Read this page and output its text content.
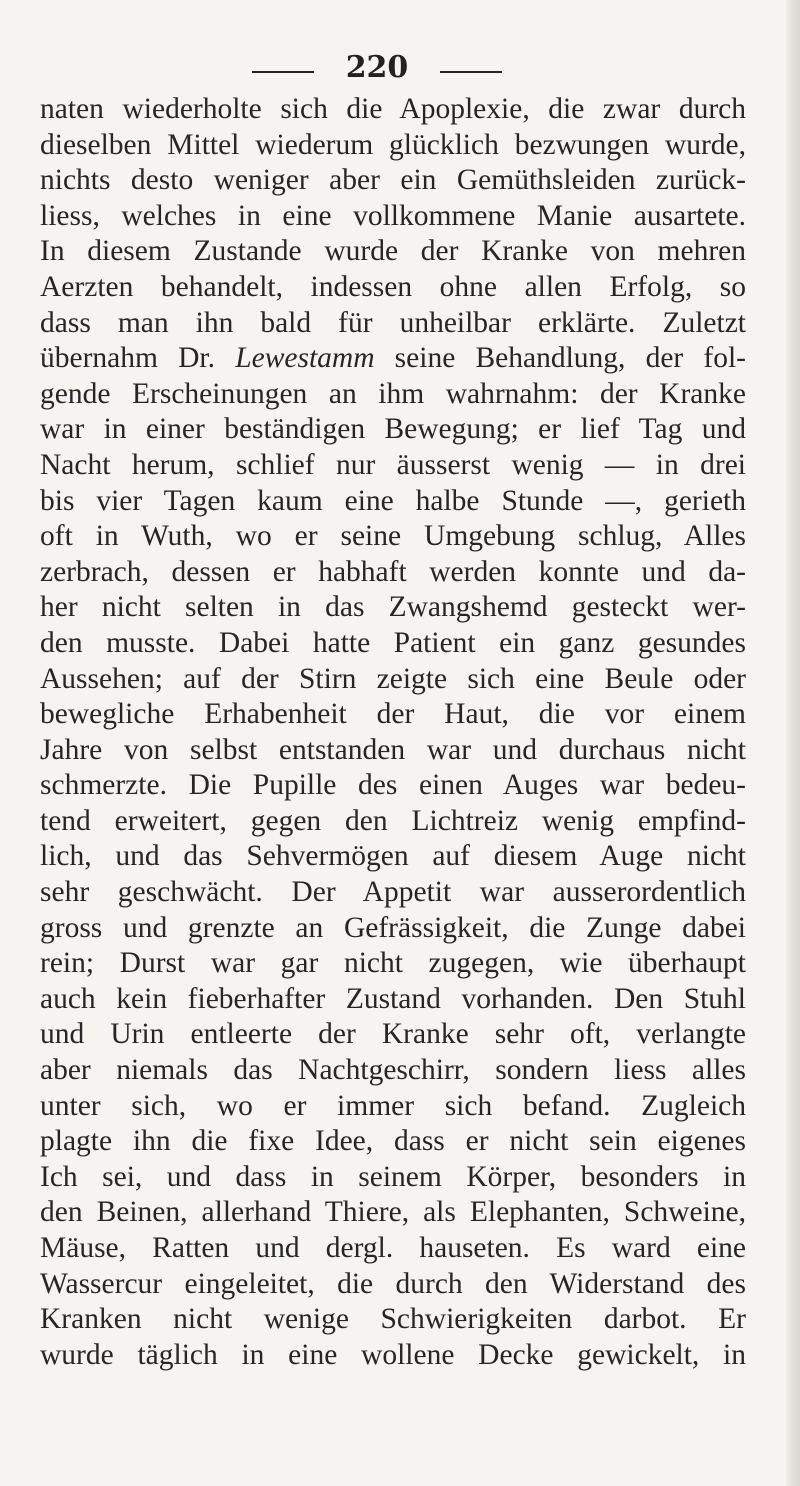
220
naten wiederholte sich die Apoplexie, die zwar durch
dieselben Mittel wiederum glücklich bezwungen wurde,
nichts desto weniger aber ein Gemüthsleiden zurück-
liess, welches in eine vollkommene Manie ausartete.
In diesem Zustande wurde der Kranke von mehren
Aerzten behandelt, indessen ohne allen Erfolg, so
dass man ihn bald für unheilbar erklärte. Zuletzt
übernahm Dr. Lewestamm seine Behandlung, der fol-
gende Erscheinungen an ihm wahrnahm: der Kranke
war in einer beständigen Bewegung; er lief Tag und
Nacht herum, schlief nur äusserst wenig — in drei
bis vier Tagen kaum eine halbe Stunde —, gerieth
oft in Wuth, wo er seine Umgebung schlug, Alles
zerbrach, dessen er habhaft werden konnte und da-
her nicht selten in das Zwangshemd gesteckt wer-
den musste. Dabei hatte Patient ein ganz gesundes
Aussehen; auf der Stirn zeigte sich eine Beule oder
bewegliche Erhabenheit der Haut, die vor einem
Jahre von selbst entstanden war und durchaus nicht
schmerzte. Die Pupille des einen Auges war bedeu-
tend erweitert, gegen den Lichtreiz wenig empfind-
lich, und das Sehvermögen auf diesem Auge nicht
sehr geschwächt. Der Appetit war ausserordentlich
gross und grenzte an Gefrässigkeit, die Zunge dabei
rein; Durst war gar nicht zugegen, wie überhaupt
auch kein fieberhafter Zustand vorhanden. Den Stuhl
und Urin entleerte der Kranke sehr oft, verlangte
aber niemals das Nachtgeschirr, sondern liess alles
unter sich, wo er immer sich befand. Zugleich
plagte ihn die fixe Idee, dass er nicht sein eigenes
Ich sei, und dass in seinem Körper, besonders in
den Beinen, allerhand Thiere, als Elephanten, Schweine,
Mäuse, Ratten und dergl. hauseten. Es ward eine
Wassercur eingeleitet, die durch den Widerstand des
Kranken nicht wenige Schwierigkeiten darbot. Er
wurde täglich in eine wollene Decke gewickelt, in
